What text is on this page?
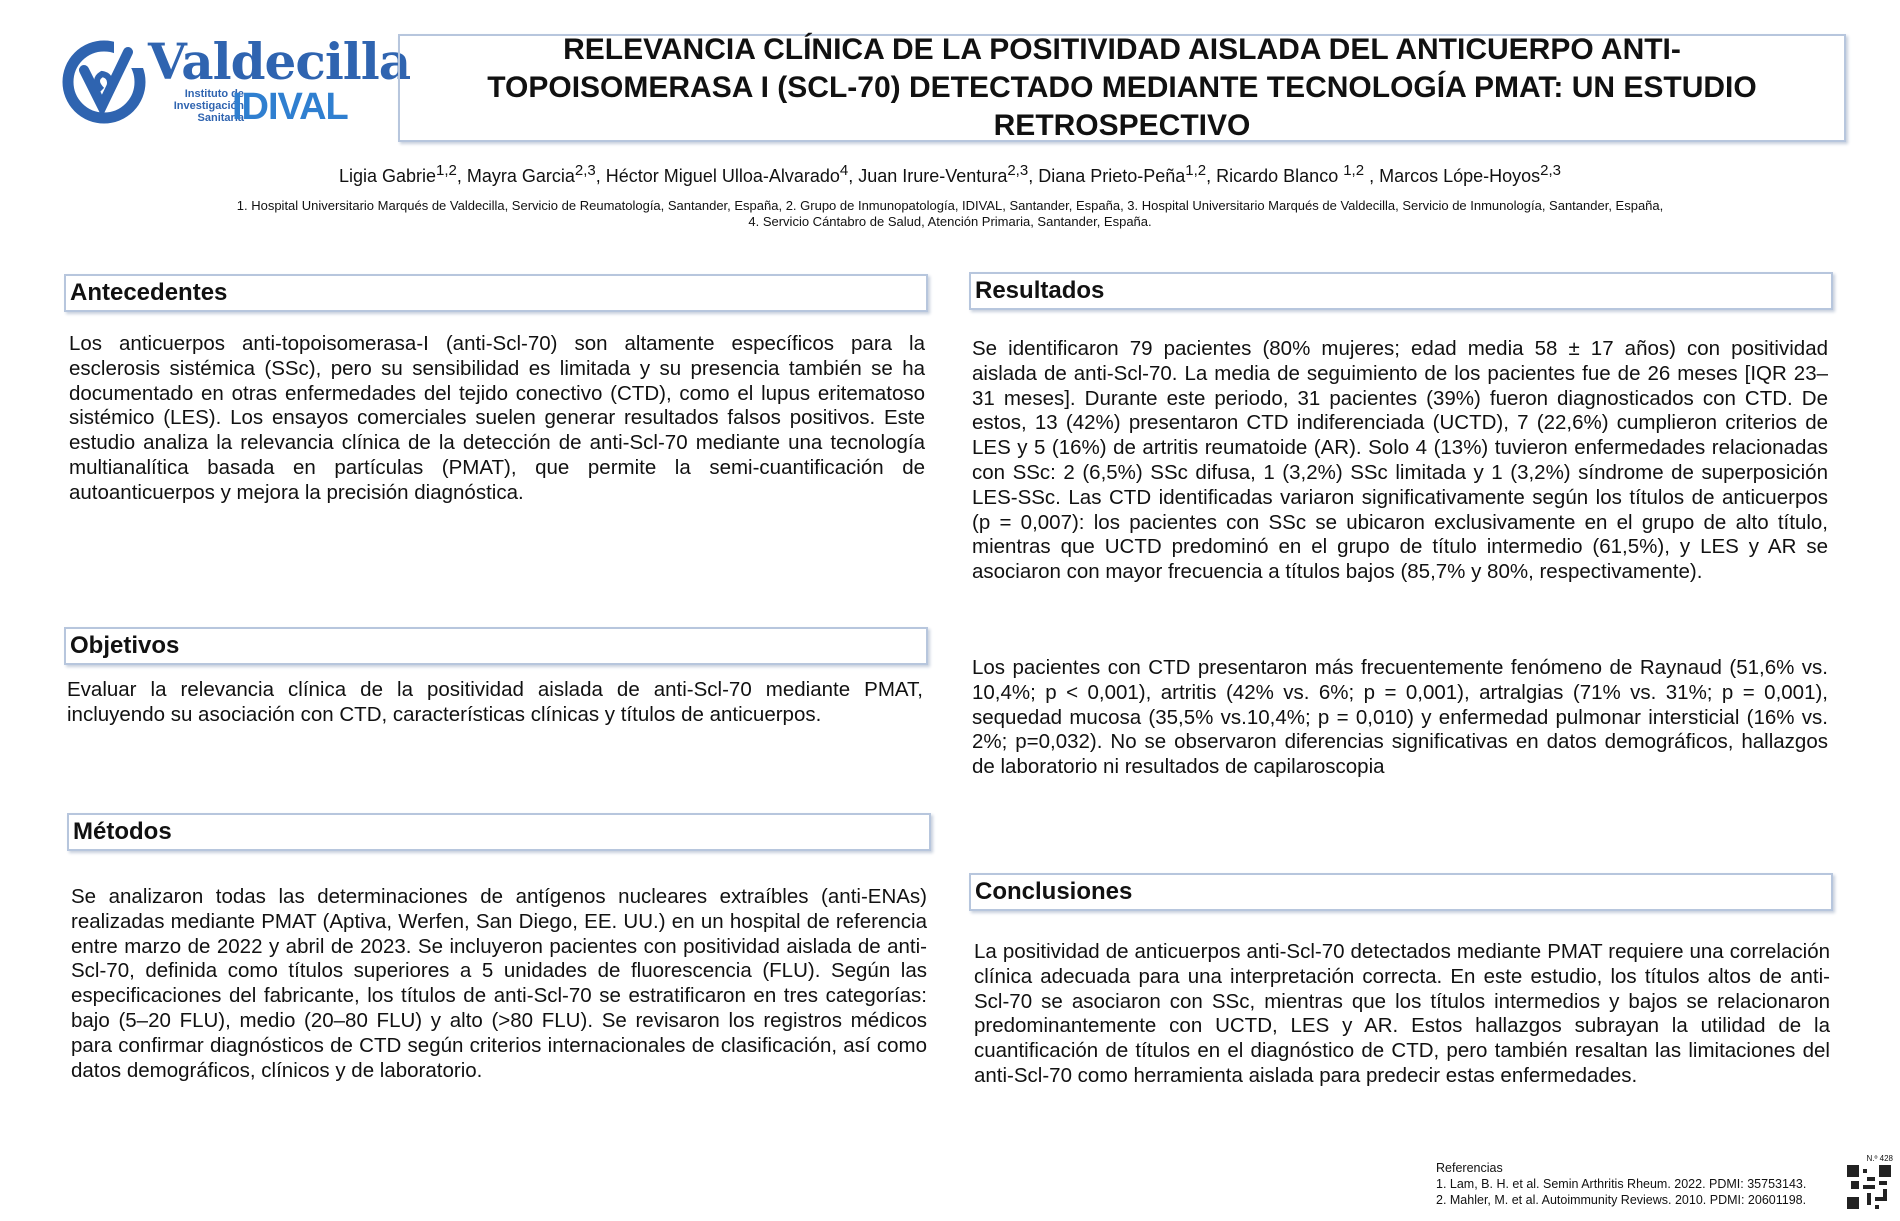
Valdecilla
Instituto de Investigación Sanitaria
IDIVAL
RELEVANCIA CLÍNICA DE LA POSITIVIDAD AISLADA DEL ANTICUERPO ANTI-TOPOISOMERASA I (SCL-70) DETECTADO MEDIANTE TECNOLOGÍA PMAT: UN ESTUDIO RETROSPECTIVO
Ligia Gabrie$^{1,2}$, Mayra Garcia$^{2,3}$, Héctor Miguel Ulloa-Alvarado$^4$, Juan Irure-Ventura$^{2,3}$, Diana Prieto-Peña$^{1,2}$, Ricardo Blanco $^{1,2}$ , Marcos Lópe-Hoyos$^{2,3}$
1. Hospital Universitario Marqués de Valdecilla, Servicio de Reumatología, Santander, España, 2. Grupo de Inmunopatología, IDIVAL, Santander, España, 3. Hospital Universitario Marqués de Valdecilla, Servicio de Inmunología, Santander, España,
4. Servicio Cántabro de Salud, Atención Primaria, Santander, España.
Antecedentes

Los anticuerpos anti-topoisomerasa-I (anti-Scl-70) son altamente específicos para la esclerosis sistémica (SSc), pero su sensibilidad es limitada y su presencia también se ha documentado en otras enfermedades del tejido conectivo (CTD), como el lupus eritematoso sistémico (LES). Los ensayos comerciales suelen generar resultados falsos positivos. Este estudio analiza la relevancia clínica de la detección de anti-Scl-70 mediante una tecnología multianalítica basada en partículas (PMAT), que permite la semi-cuantificación de autoanticuerpos y mejora la precisión diagnóstica.

Objetivos

Evaluar la relevancia clínica de la positividad aislada de anti-Scl-70 mediante PMAT, incluyendo su asociación con CTD, características clínicas y títulos de anticuerpos.

Métodos

Se analizaron todas las determinaciones de antígenos nucleares extraíbles (anti-ENAs) realizadas mediante PMAT (Aptiva, Werfen, San Diego, EE. UU.) en un hospital de referencia entre marzo de 2022 y abril de 2023. Se incluyeron pacientes con positividad aislada de anti-Scl-70, definida como títulos superiores a 5 unidades de fluorescencia (FLU). Según las especificaciones del fabricante, los títulos de anti-Scl-70 se estratificaron en tres categorías: bajo (5–20 FLU), medio (20–80 FLU) y alto (>80 FLU). Se revisaron los registros médicos para confirmar diagnósticos de CTD según criterios internacionales de clasificación, así como datos demográficos, clínicos y de laboratorio.

Resultados

Se identificaron 79 pacientes (80% mujeres; edad media 58 ± 17 años) con positividad aislada de anti-Scl-70. La media de seguimiento de los pacientes fue de 26 meses [IQR 23–31 meses]. Durante este periodo, 31 pacientes (39%) fueron diagnosticados con CTD. De estos, 13 (42%) presentaron CTD indiferenciada (UCTD), 7 (22,6%) cumplieron criterios de LES y 5 (16%) de artritis reumatoide (AR). Solo 4 (13%) tuvieron enfermedades relacionadas con SSc: 2 (6,5%) SSc difusa, 1 (3,2%) SSc limitada y 1 (3,2%) síndrome de superposición LES-SSc. Las CTD identificadas variaron significativamente según los títulos de anticuerpos (p = 0,007): los pacientes con SSc se ubicaron exclusivamente en el grupo de alto título, mientras que UCTD predominó en el grupo de título intermedio (61,5%), y LES y AR se asociaron con mayor frecuencia a títulos bajos (85,7% y 80%, respectivamente).

Los pacientes con CTD presentaron más frecuentemente fenómeno de Raynaud (51,6% vs. 10,4%; p < 0,001), artritis (42% vs. 6%; p = 0,001), artralgias (71% vs. 31%; p = 0,001), sequedad mucosa (35,5% vs.10,4%; p = 0,010) y enfermedad pulmonar intersticial (16% vs. 2%; p=0,032). No se observaron diferencias significativas en datos demográficos, hallazgos de laboratorio ni resultados de capilaroscopia

Conclusiones

La positividad de anticuerpos anti-Scl-70 detectados mediante PMAT requiere una correlación clínica adecuada para una interpretación correcta. En este estudio, los títulos altos de anti-Scl-70 se asociaron con SSc, mientras que los títulos intermedios y bajos se relacionaron predominantemente con UCTD, LES y AR. Estos hallazgos subrayan la utilidad de la cuantificación de títulos en el diagnóstico de CTD, pero también resaltan las limitaciones del anti-Scl-70 como herramienta aislada para predecir estas enfermedades.

Referencias
1. Lam, B. H. et al. Semin Arthritis Rheum. 2022. PDMI: 35753143.
2. Mahler, M. et al. Autoimmunity Reviews. 2010. PDMI: 20601198.
N.º 428
